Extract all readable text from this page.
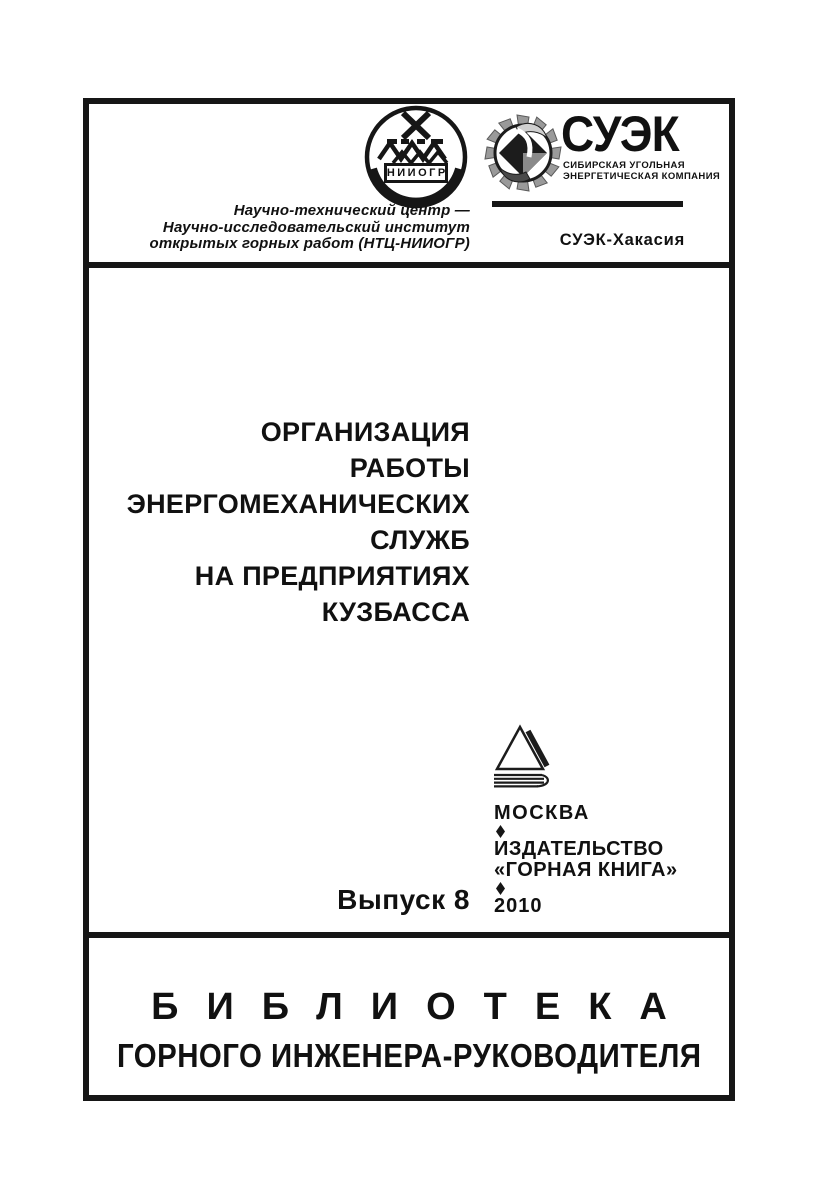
НИИОГР
Научно-технический центр —
Научно-исследовательский институт
открытых горных работ (НТЦ-НИИОГР)
СУЭК
СИБИРСКАЯ УГОЛЬНАЯ
ЭНЕРГЕТИЧЕСКАЯ КОМПАНИЯ
СУЭК-Хакасия
ОРГАНИЗАЦИЯ
РАБОТЫ
ЭНЕРГОМЕХАНИЧЕСКИХ
СЛУЖБ
НА ПРЕДПРИЯТИЯХ
КУЗБАССА
МОСКВА
ИЗДАТЕЛЬСТВО
«ГОРНАЯ КНИГА»
2010
Выпуск 8
БИБЛИОТЕКА
ГОРНОГО ИНЖЕНЕРА-РУКОВОДИТЕЛЯ
